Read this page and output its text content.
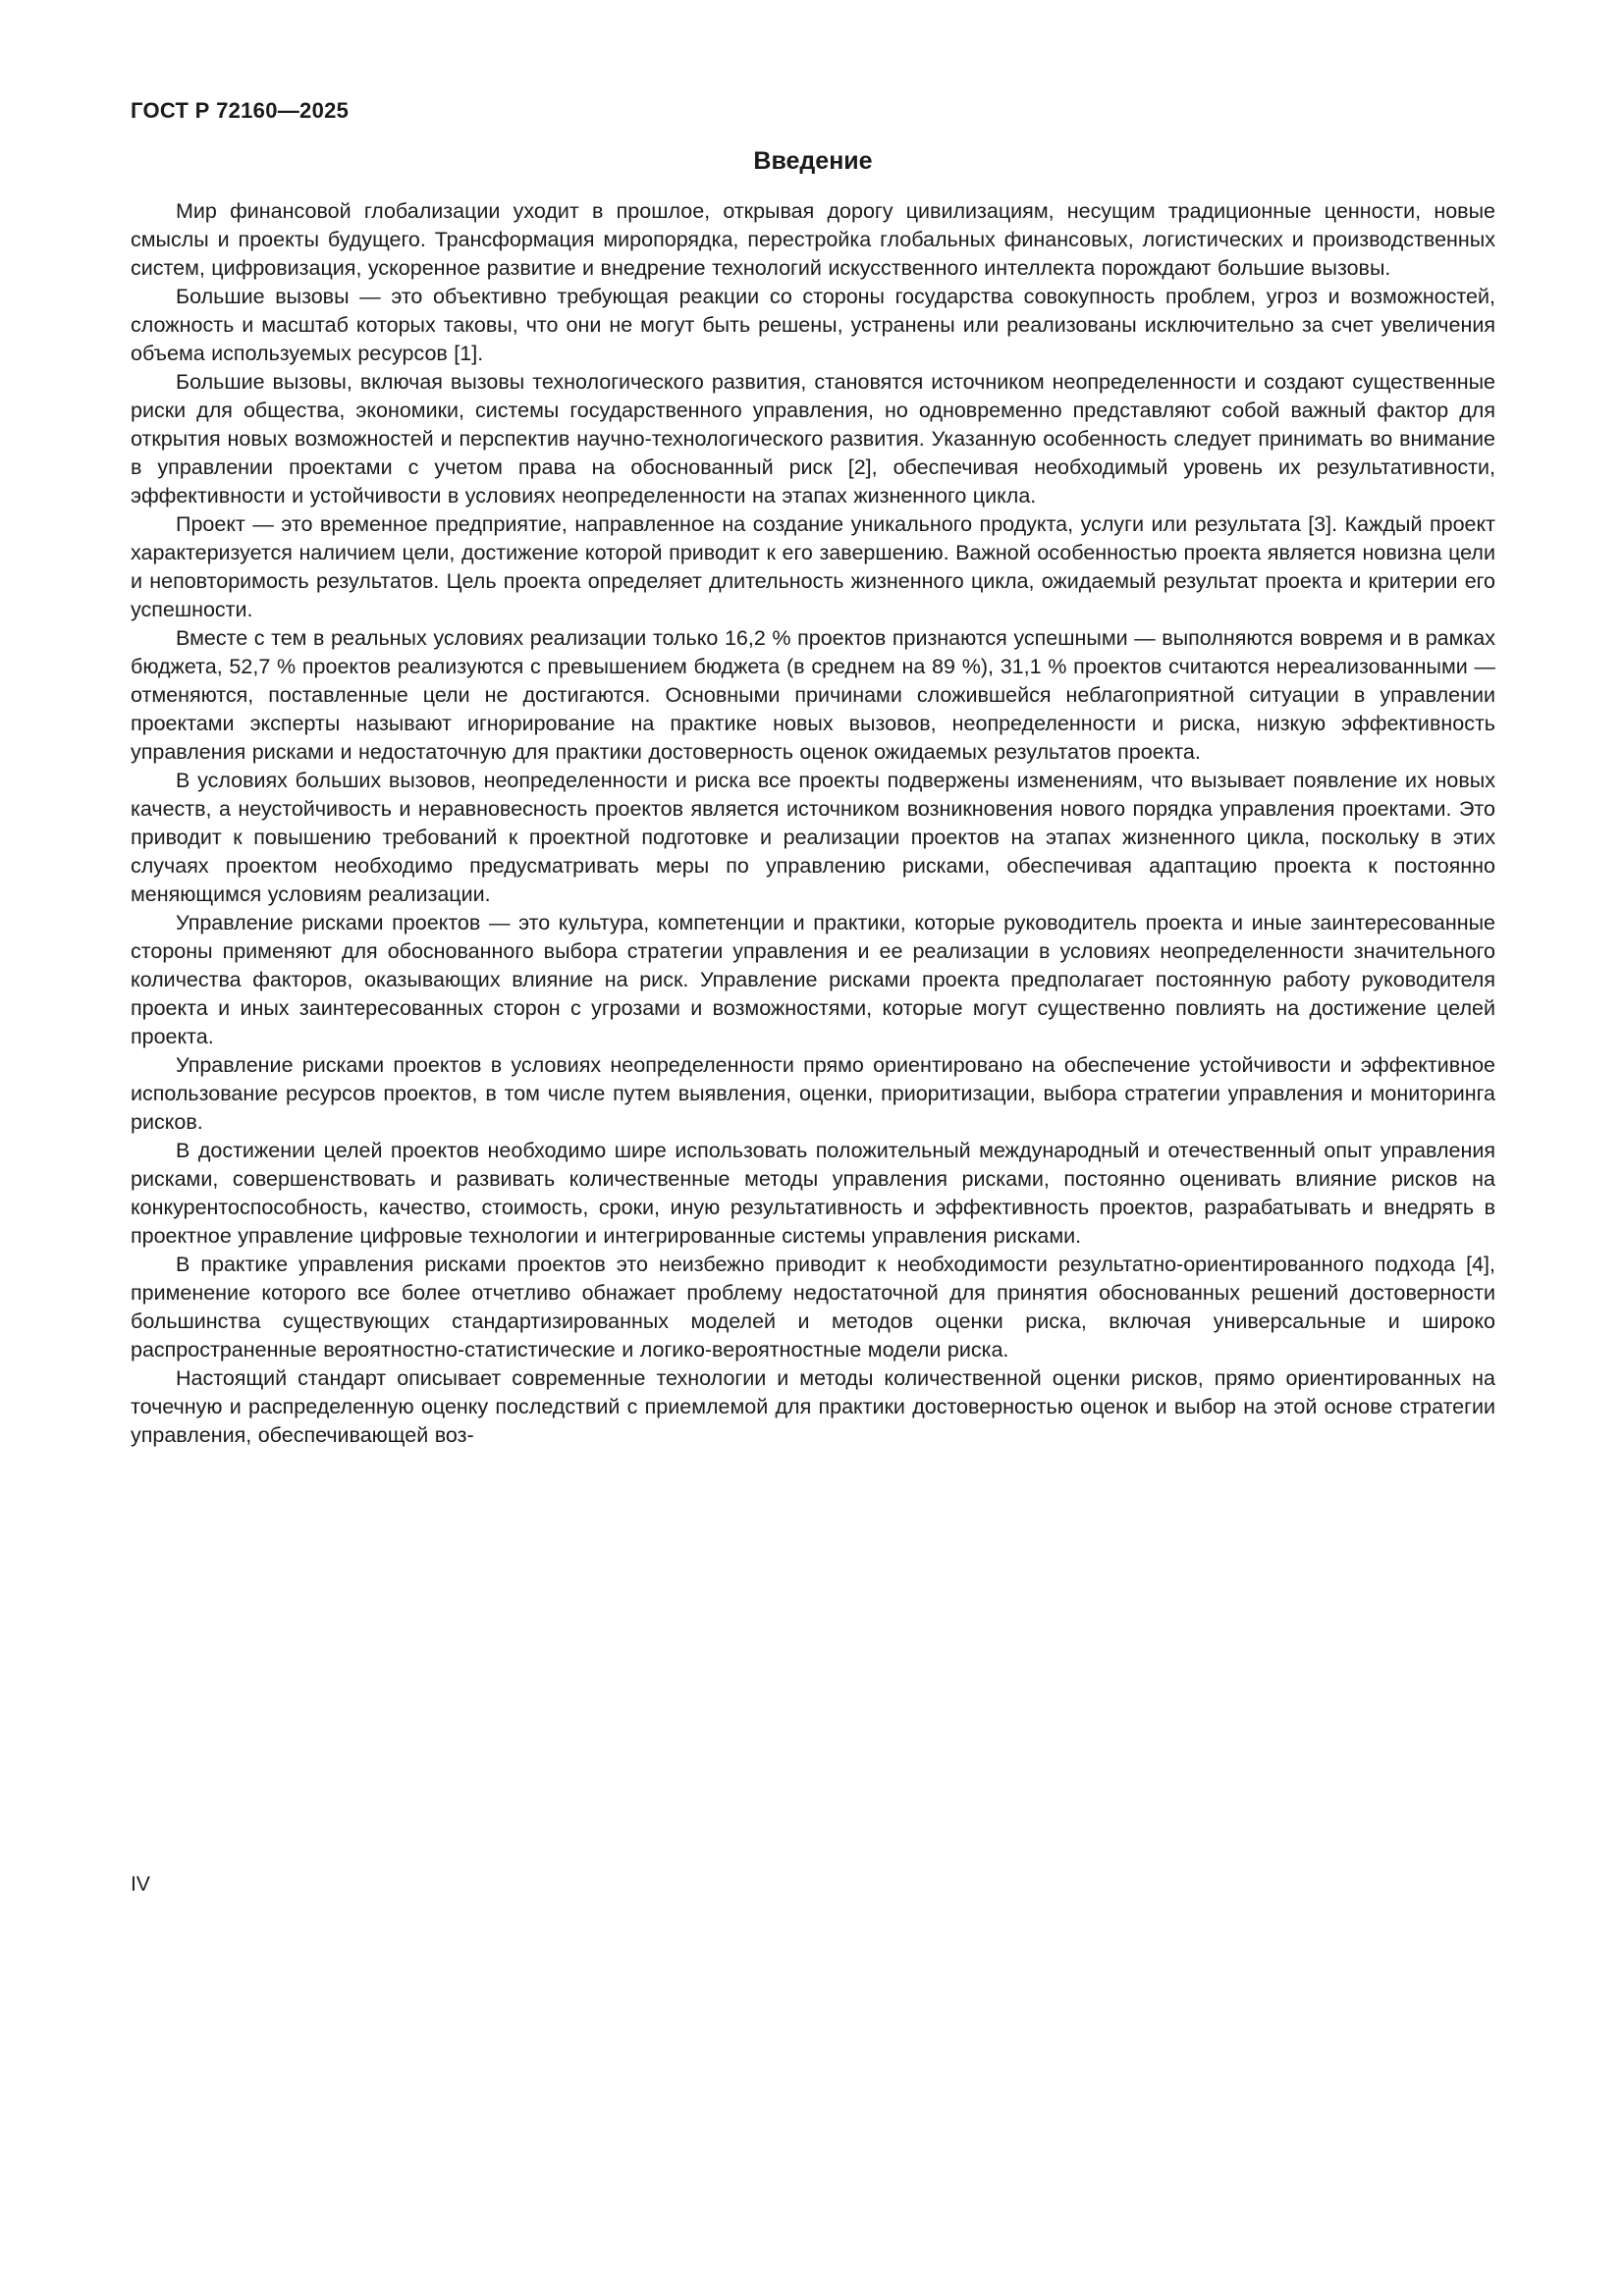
ГОСТ Р 72160—2025
Введение

Мир финансовой глобализации уходит в прошлое, открывая дорогу цивилизациям, несущим традиционные ценности, новые смыслы и проекты будущего. Трансформация миропорядка, перестройка глобальных финансовых, логистических и производственных систем, цифровизация, ускоренное развитие и внедрение технологий искусственного интеллекта порождают большие вызовы.

Большие вызовы — это объективно требующая реакции со стороны государства совокупность проблем, угроз и возможностей, сложность и масштаб которых таковы, что они не могут быть решены, устранены или реализованы исключительно за счет увеличения объема используемых ресурсов [1].

Большие вызовы, включая вызовы технологического развития, становятся источником неопределенности и создают существенные риски для общества, экономики, системы государственного управления, но одновременно представляют собой важный фактор для открытия новых возможностей и перспектив научно-технологического развития. Указанную особенность следует принимать во внимание в управлении проектами с учетом права на обоснованный риск [2], обеспечивая необходимый уровень их результативности, эффективности и устойчивости в условиях неопределенности на этапах жизненного цикла.

Проект — это временное предприятие, направленное на создание уникального продукта, услуги или результата [3]. Каждый проект характеризуется наличием цели, достижение которой приводит к его завершению. Важной особенностью проекта является новизна цели и неповторимость результатов. Цель проекта определяет длительность жизненного цикла, ожидаемый результат проекта и критерии его успешности.

Вместе с тем в реальных условиях реализации только 16,2 % проектов признаются успешными — выполняются вовремя и в рамках бюджета, 52,7 % проектов реализуются с превышением бюджета (в среднем на 89 %), 31,1 % проектов считаются нереализованными — отменяются, поставленные цели не достигаются. Основными причинами сложившейся неблагоприятной ситуации в управлении проектами эксперты называют игнорирование на практике новых вызовов, неопределенности и риска, низкую эффективность управления рисками и недостаточную для практики достоверность оценок ожидаемых результатов проекта.

В условиях больших вызовов, неопределенности и риска все проекты подвержены изменениям, что вызывает появление их новых качеств, а неустойчивость и неравновесность проектов является источником возникновения нового порядка управления проектами. Это приводит к повышению требований к проектной подготовке и реализации проектов на этапах жизненного цикла, поскольку в этих случаях проектом необходимо предусматривать меры по управлению рисками, обеспечивая адаптацию проекта к постоянно меняющимся условиям реализации.

Управление рисками проектов — это культура, компетенции и практики, которые руководитель проекта и иные заинтересованные стороны применяют для обоснованного выбора стратегии управления и ее реализации в условиях неопределенности значительного количества факторов, оказывающих влияние на риск. Управление рисками проекта предполагает постоянную работу руководителя проекта и иных заинтересованных сторон с угрозами и возможностями, которые могут существенно повлиять на достижение целей проекта.

Управление рисками проектов в условиях неопределенности прямо ориентировано на обеспечение устойчивости и эффективное использование ресурсов проектов, в том числе путем выявления, оценки, приоритизации, выбора стратегии управления и мониторинга рисков.

В достижении целей проектов необходимо шире использовать положительный международный и отечественный опыт управления рисками, совершенствовать и развивать количественные методы управления рисками, постоянно оценивать влияние рисков на конкурентоспособность, качество, стоимость, сроки, иную результативность и эффективность проектов, разрабатывать и внедрять в проектное управление цифровые технологии и интегрированные системы управления рисками.

В практике управления рисками проектов это неизбежно приводит к необходимости результатно-ориентированного подхода [4], применение которого все более отчетливо обнажает проблему недостаточной для принятия обоснованных решений достоверности большинства существующих стандартизированных моделей и методов оценки риска, включая универсальные и широко распространенные вероятностно-статистические и логико-вероятностные модели риска.

Настоящий стандарт описывает современные технологии и методы количественной оценки рисков, прямо ориентированных на точечную и распределенную оценку последствий с приемлемой для практики достоверностью оценок и выбор на этой основе стратегии управления, обеспечивающей воз-

IV
